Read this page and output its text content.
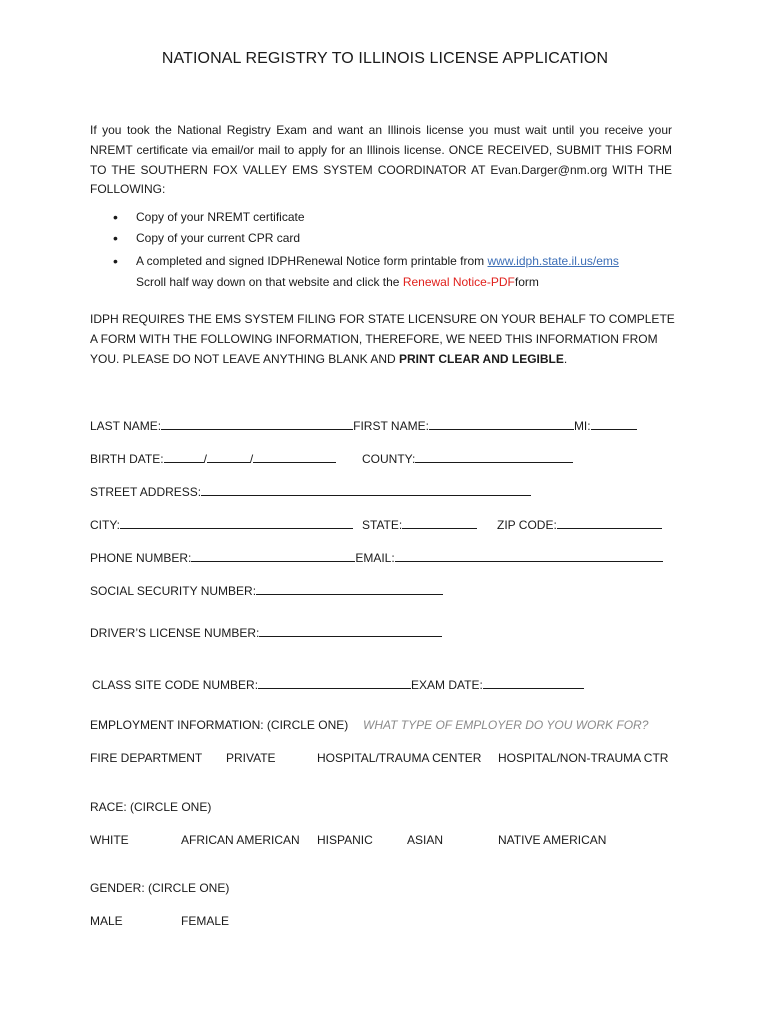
NATIONAL REGISTRY TO ILLINOIS LICENSE APPLICATION
If you took the National Registry Exam and want an Illinois license you must wait until you receive your NREMT certificate via email/or mail to apply for an Illinois license. ONCE RECEIVED, SUBMIT THIS FORM TO THE SOUTHERN FOX VALLEY EMS SYSTEM COORDINATOR AT Evan.Darger@nm.org WITH THE FOLLOWING:
• Copy of your NREMT certificate
• Copy of your current CPR card
• A completed and signed IDPHRenewal Notice form printable from www.idph.state.il.us/ems
Scroll half way down on that website and click the Renewal Notice-PDFform
IDPH REQUIRES THE EMS SYSTEM FILING FOR STATE LICENSURE ON YOUR BEHALF TO COMPLETE A FORM WITH THE FOLLOWING INFORMATION, THEREFORE, WE NEED THIS INFORMATION FROM YOU. PLEASE DO NOT LEAVE ANYTHING BLANK AND PRINT CLEAR AND LEGIBLE.
LAST NAME:	FIRST NAME:	MI:
BIRTH DATE:	/	/	COUNTY:
STREET ADDRESS:
CITY:	STATE:	ZIP CODE:
PHONE NUMBER:	EMAIL:
SOCIAL SECURITY NUMBER:
DRIVER’S LICENSE NUMBER:
CLASS SITE CODE NUMBER:	EXAM DATE:
EMPLOYMENT INFORMATION: (CIRCLE ONE) WHAT TYPE OF EMPLOYER DO YOU WORK FOR?
FIRE DEPARTMENT PRIVATE	HOSPITAL/TRAUMA CENTER HOSPITAL/NON-TRAUMA CTR
RACE: (CIRCLE ONE)
WHITE	AFRICAN AMERICAN HISPANIC	ASIAN	NATIVE AMERICAN
GENDER: (CIRCLE ONE)
MALE	FEMALE
